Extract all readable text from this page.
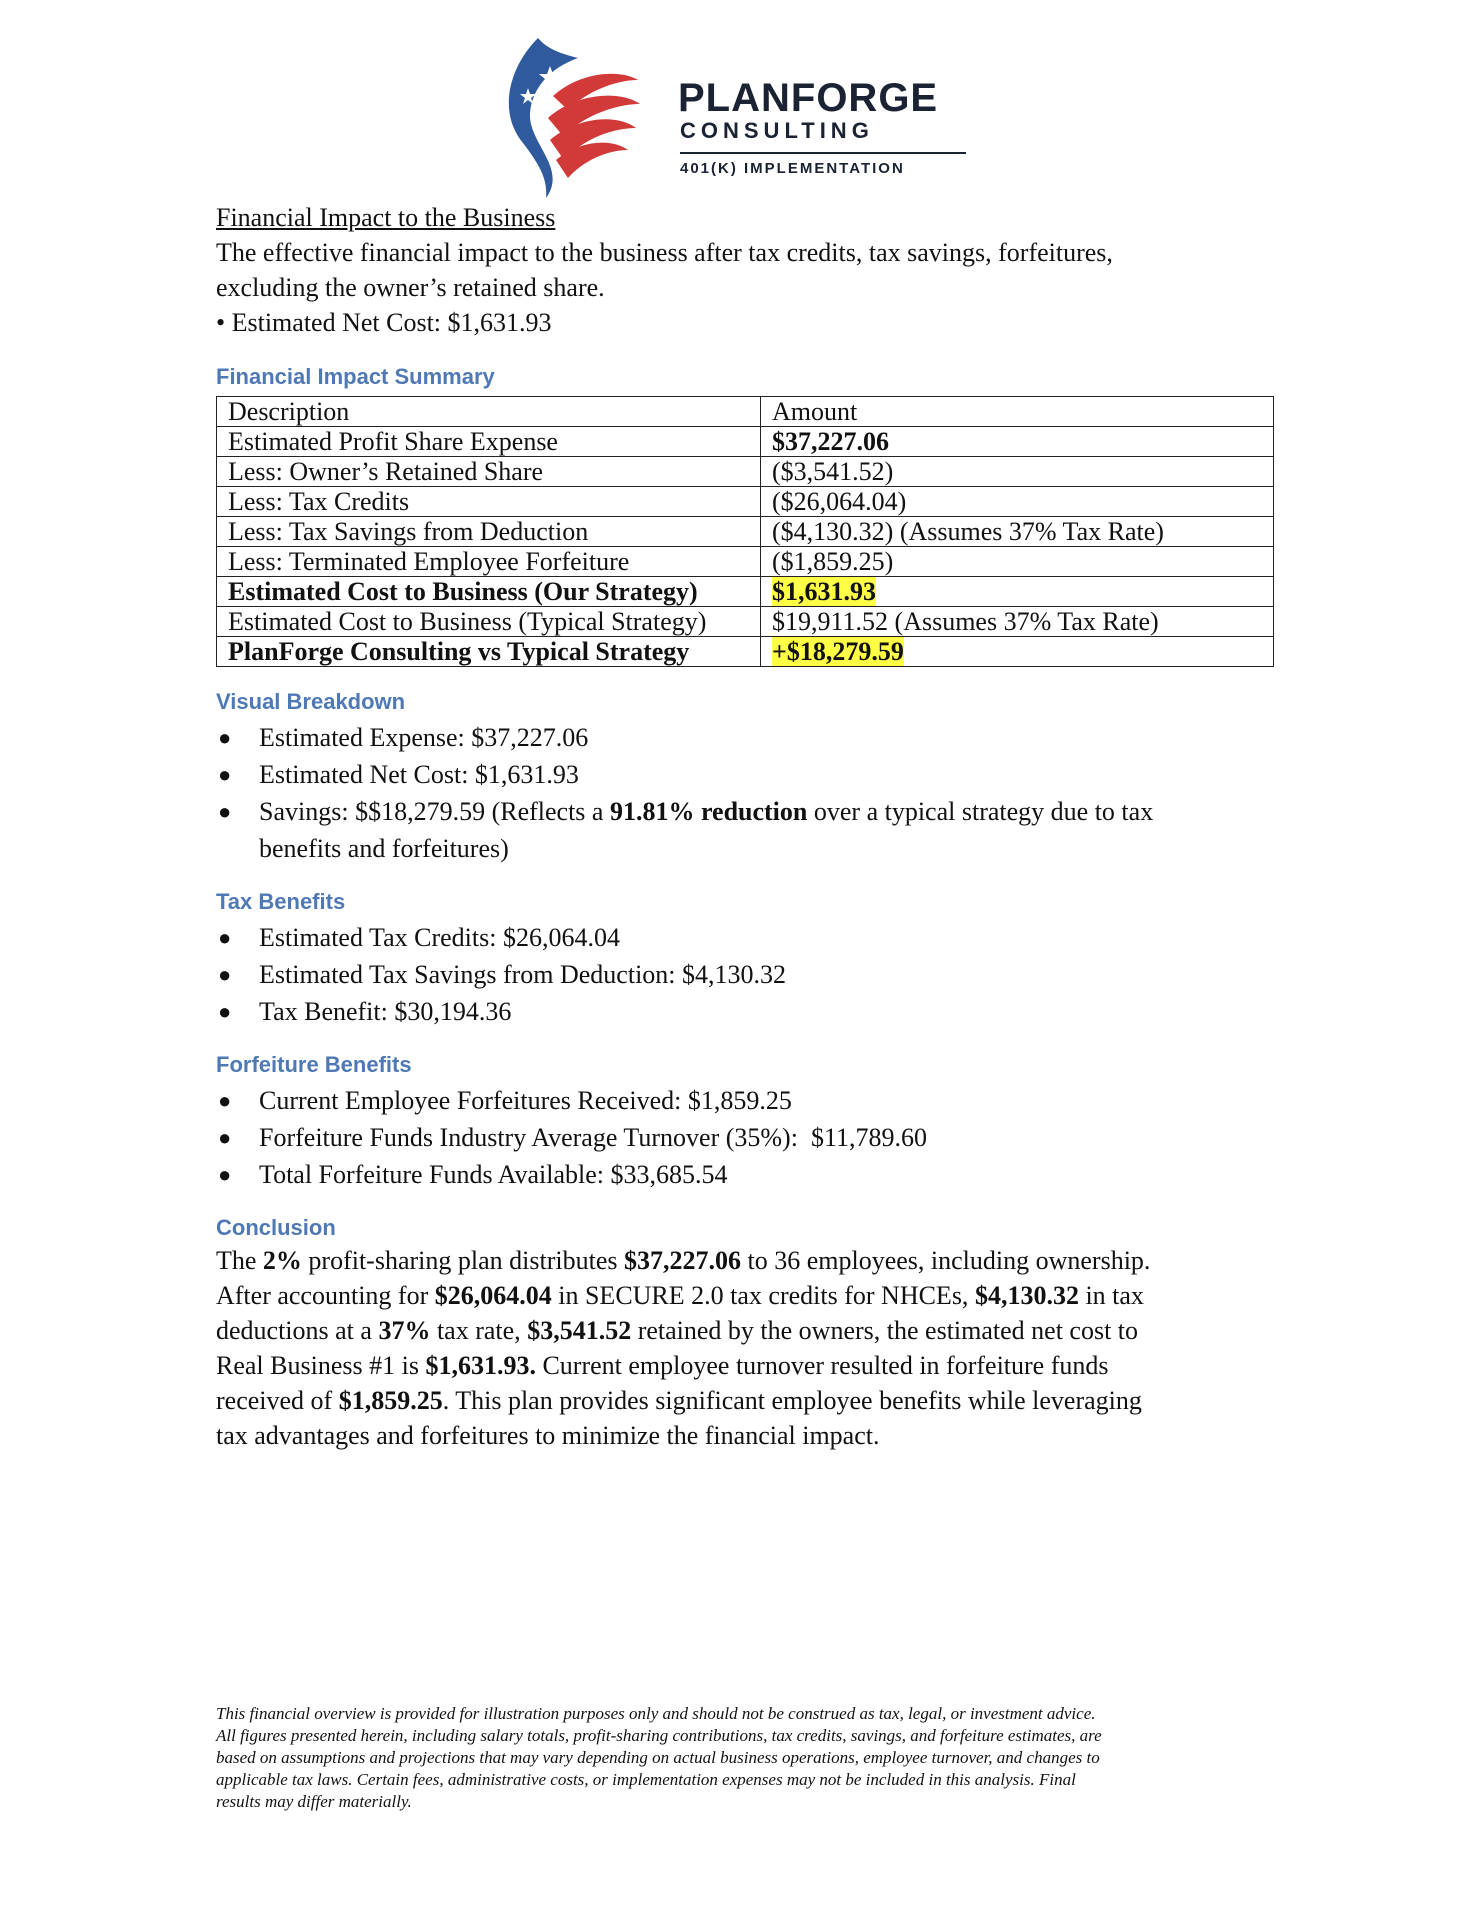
PLANFORGE
CONSULTING
401(K) IMPLEMENTATION

Financial Impact to the Business

The effective financial impact to the business after tax credits, tax savings, forfeitures,

excluding the owner’s retained share.

• Estimated Net Cost: $1,631.93

Financial Impact Summary

Description	Amount
Estimated Profit Share Expense	$37,227.06
Less: Owner’s Retained Share	($3,541.52)
Less: Tax Credits	($26,064.04)
Less: Tax Savings from Deduction	($4,130.32) (Assumes 37% Tax Rate)
Less: Terminated Employee Forfeiture	($1,859.25)
Estimated Cost to Business (Our Strategy)	$1,631.93
Estimated Cost to Business (Typical Strategy)	$19,911.52 (Assumes 37% Tax Rate)
PlanForge Consulting vs Typical Strategy	+$18,279.59

Visual Breakdown

● Estimated Expense: $37,227.06
● Estimated Net Cost: $1,631.93
● Savings: $$18,279.59 (Reflects a 91.81% reduction over a typical strategy due to tax
benefits and forfeitures)

Tax Benefits

● Estimated Tax Credits: $26,064.04
● Estimated Tax Savings from Deduction: $4,130.32
● Tax Benefit: $30,194.36

Forfeiture Benefits

● Current Employee Forfeitures Received: $1,859.25
● Forfeiture Funds Industry Average Turnover (35%):  $11,789.60
● Total Forfeiture Funds Available: $33,685.54

Conclusion

The 2% profit-sharing plan distributes $37,227.06 to 36 employees, including ownership.
After accounting for $26,064.04 in SECURE 2.0 tax credits for NHCEs, $4,130.32 in tax
deductions at a 37% tax rate, $3,541.52 retained by the owners, the estimated net cost to
Real Business #1 is $1,631.93. Current employee turnover resulted in forfeiture funds
received of $1,859.25. This plan provides significant employee benefits while leveraging
tax advantages and forfeitures to minimize the financial impact.
This financial overview is provided for illustration purposes only and should not be construed as tax, legal, or investment advice.
All figures presented herein, including salary totals, profit-sharing contributions, tax credits, savings, and forfeiture estimates, are
based on assumptions and projections that may vary depending on actual business operations, employee turnover, and changes to
applicable tax laws. Certain fees, administrative costs, or implementation expenses may not be included in this analysis. Final
results may differ materially.
